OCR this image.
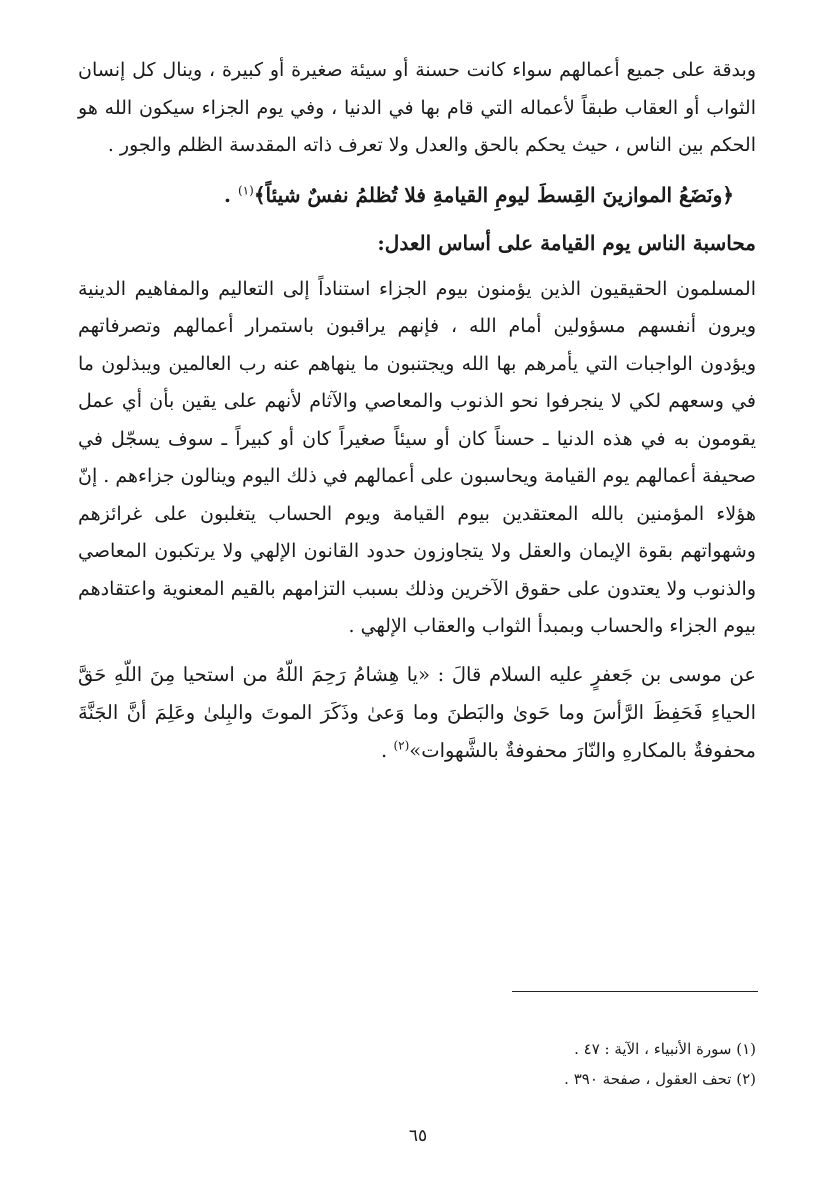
وبدقة على جميع أعمالهم سواء كانت حسنة أو سيئة صغيرة أو كبيرة ، وينال كل إنسان الثواب أو العقاب طبقاً لأعماله التي قام بها في الدنيا ، وفي يوم الجزاء سيكون الله هو الحكم بين الناس ، حيث يحكم بالحق والعدل ولا تعرف ذاته المقدسة الظلم والجور .

﴿ونَضَعُ الموازينَ القِسطَ ليومِ القيامةِ فلا تُظلمُ نفسٌ شيئاً﴾$^{(١)}$ .

محاسبة الناس يوم القيامة على أساس العدل:

المسلمون الحقيقيون الذين يؤمنون بيوم الجزاء استناداً إلى التعاليم والمفاهيم الدينية ويرون أنفسهم مسؤولين أمام الله ، فإنهم يراقبون باستمرار أعمالهم وتصرفاتهم ويؤدون الواجبات التي يأمرهم بها الله ويجتنبون ما ينهاهم عنه رب العالمين ويبذلون ما في وسعهم لكي لا ينجرفوا نحو الذنوب والمعاصي والآثام لأنهم على يقين بأن أي عمل يقومون به في هذه الدنيا ـ حسناً كان أو سيئاً صغيراً كان أو كبيراً ـ سوف يسجّل في صحيفة أعمالهم يوم القيامة ويحاسبون على أعمالهم في ذلك اليوم وينالون جزاءهم . إنّ هؤلاء المؤمنين بالله المعتقدين بيوم القيامة ويوم الحساب يتغلبون على غرائزهم وشهواتهم بقوة الإيمان والعقل ولا يتجاوزون حدود القانون الإلهي ولا يرتكبون المعاصي والذنوب ولا يعتدون على حقوق الآخرين وذلك بسبب التزامهم بالقيم المعنوية واعتقادهم بيوم الجزاء والحساب وبمبدأ الثواب والعقاب الإلهي .

عن موسى بن جَعفرٍ عليه السلام قالَ : «يا هِشامُ رَحِمَ اللّهُ من استحيا مِنَ اللّهِ حَقَّ الحياءِ فَحَفِظَ الرَّأسَ وما حَوىٰ والبَطنَ وما وَعىٰ وذَكَرَ الموتَ والبِلىٰ وعَلِمَ أنَّ الجَنَّةَ محفوفةٌ بالمكارهِ والنّارَ محفوفةٌ بالشَّهوات»$^{(٢)}$ .

(١) سورة الأنبياء ، الآية : ٤٧ .
(٢) تحف العقول ، صفحة ٣٩٠ .
٦٥
